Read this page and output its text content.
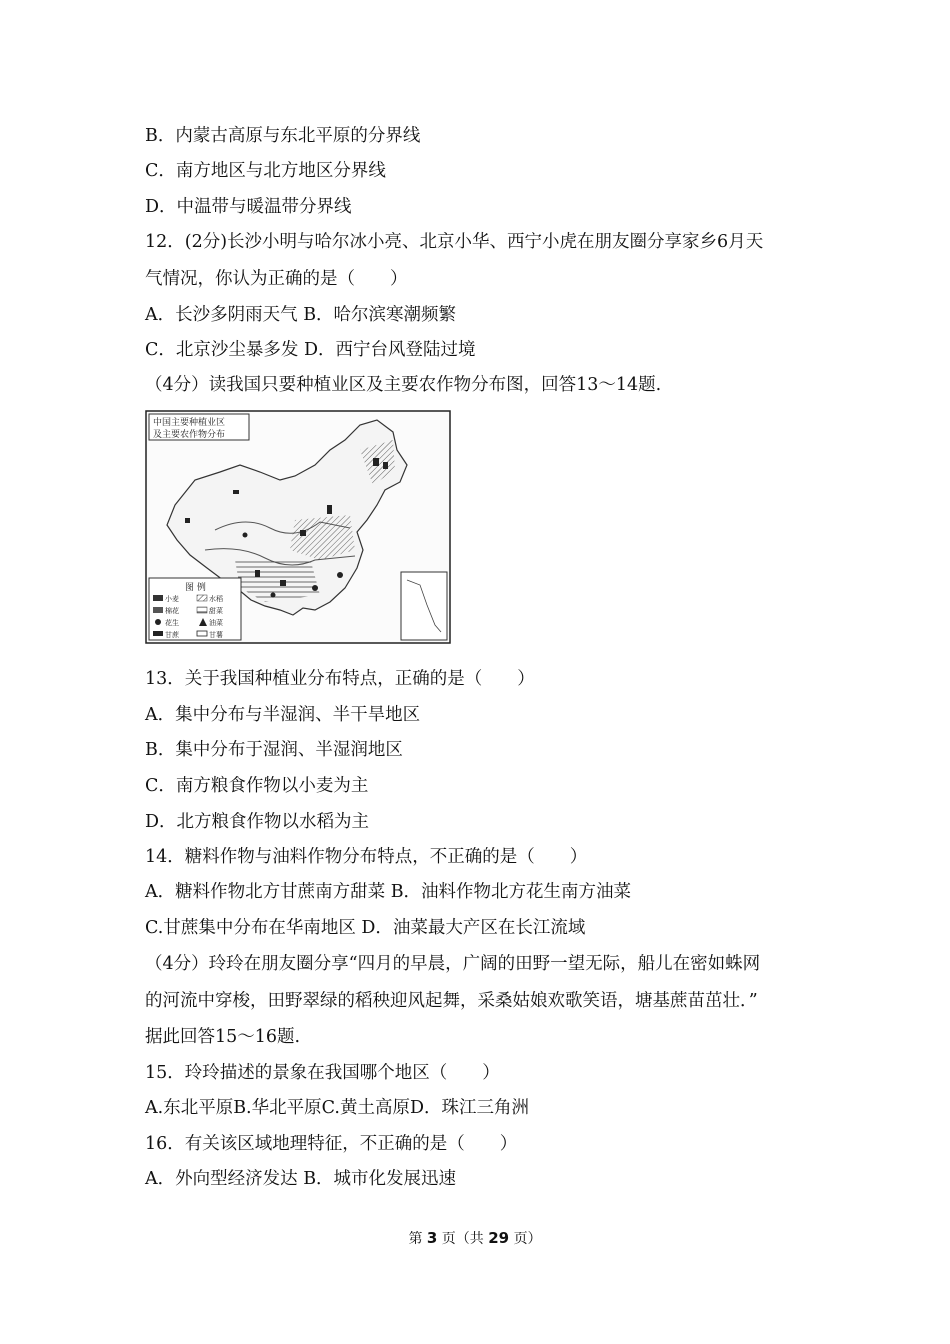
B．内蒙古高原与东北平原的分界线
C．南方地区与北方地区分界线
D．中温带与暖温带分界线
12．(2分)长沙小明与哈尔冰小亮、北京小华、西宁小虎在朋友圈分享家乡6月天
气情况，你认为正确的是（　　）
A．长沙多阴雨天气 B．哈尔滨寒潮频繁
C．北京沙尘暴多发 D．西宁台风登陆过境
（4分）读我国只要种植业区及主要农作物分布图，回答13～14题.
中国主要种植业区
及主要农作物分布
图 例
小麦	水稻
棉花	甜菜
花生	油菜
甘蔗	甘薯
13．关于我国种植业分布特点，正确的是（　　）
A．集中分布与半湿润、半干旱地区
B．集中分布于湿润、半湿润地区
C．南方粮食作物以小麦为主
D．北方粮食作物以水稻为主
14．糖料作物与油料作物分布特点，不正确的是（　　）
A．糖料作物北方甘蔗南方甜菜 B．油料作物北方花生南方油菜
C.甘蔗集中分布在华南地区 D．油菜最大产区在长江流域
（4分）玲玲在朋友圈分享“四月的早晨，广阔的田野一望无际，船儿在密如蛛网
的河流中穿梭，田野翠绿的稻秧迎风起舞，采桑姑娘欢歌笑语，塘基蔗苗茁壮．”
据此回答15～16题.
15．玲玲描述的景象在我国哪个地区（　　）
A.东北平原B.华北平原C.黄土高原D．珠江三角洲
16．有关该区域地理特征，不正确的是（　　）
A．外向型经济发达 B．城市化发展迅速
第 3 页（共 29 页）
